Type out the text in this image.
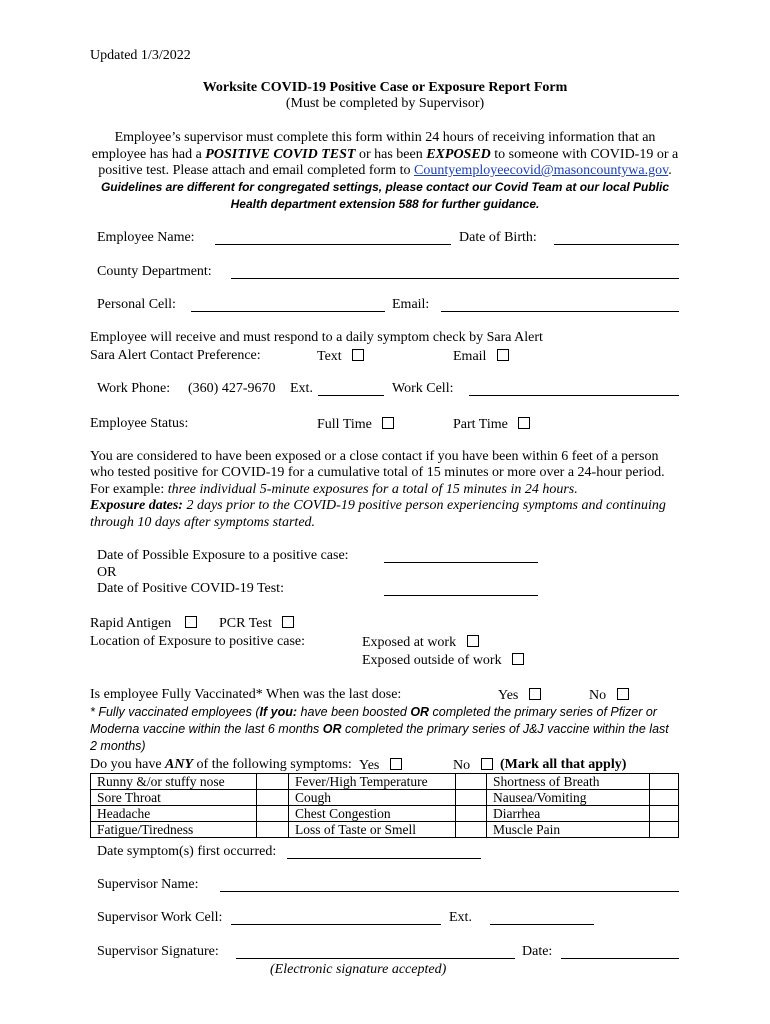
Updated 1/3/2022
Worksite COVID-19 Positive Case or Exposure Report Form
(Must be completed by Supervisor)
Employee’s supervisor must complete this form within 24 hours of receiving information that an
employee has had a POSITIVE COVID TEST or has been EXPOSED to someone with COVID-19 or a
positive test. Please attach and email completed form to Countyemployeecovid@masoncountywa.gov.
Guidelines are different for congregated settings, please contact our Covid Team at our local Public
Health department extension 588 for further guidance.
Employee Name:	Date of Birth:
County Department:
Personal Cell:	Email:
Employee will receive and must respond to a daily symptom check by Sara Alert
Sara Alert Contact Preference:	Text	Email
Work Phone: (360) 427-9670 Ext.	Work Cell:
Employee Status:	Full Time	Part Time
You are considered to have been exposed or a close contact if you have been within 6 feet of a person
who tested positive for COVID-19 for a cumulative total of 15 minutes or more over a 24-hour period.
For example: three individual 5-minute exposures for a total of 15 minutes in 24 hours.
Exposure dates: 2 days prior to the COVID-19 positive person experiencing symptoms and continuing
through 10 days after symptoms started.
Date of Possible Exposure to a positive case:
OR
Date of Positive COVID-19 Test:
Rapid Antigen	PCR Test
Location of Exposure to positive case:	Exposed at work
Exposed outside of work
Is employee Fully Vaccinated* When was the last dose:	Yes	No
* Fully vaccinated employees (If you: have been boosted OR completed the primary series of Pfizer or
Moderna vaccine within the last 6 months OR completed the primary series of J&J vaccine within the last
2 months)
Do you have ANY of the following symptoms: Yes	No	(Mark all that apply)
Runny &/or stuffy nose		Fever/High Temperature		Shortness of Breath	
Sore Throat		Cough		Nausea/Vomiting	
Headache		Chest Congestion		Diarrhea	
Fatigue/Tiredness		Loss of Taste or Smell		Muscle Pain	
Date symptom(s) first occurred:
Supervisor Name:
Supervisor Work Cell:	Ext.
Supervisor Signature:	Date:
(Electronic signature accepted)
